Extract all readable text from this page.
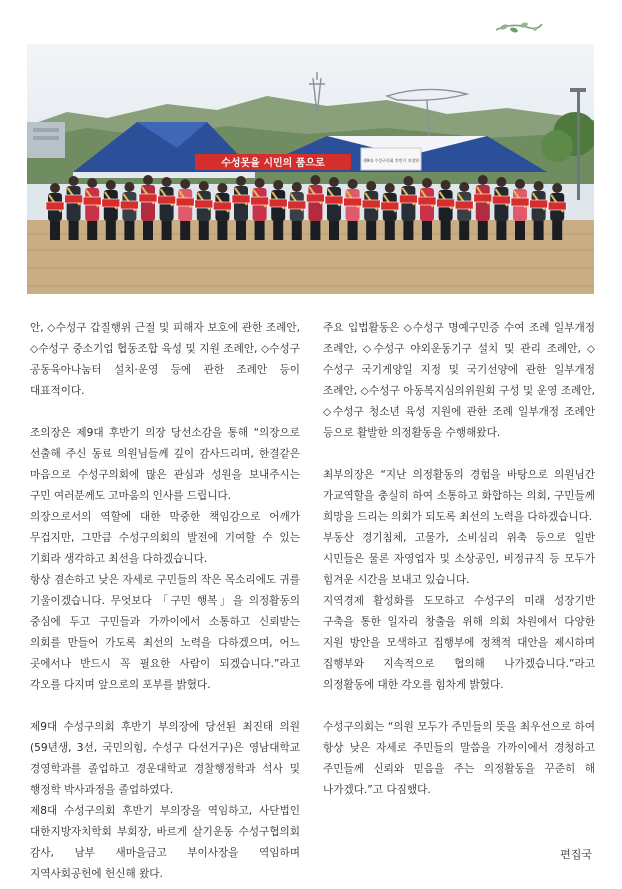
수성못을 시민의 품으로	제9대 수성구의회 후반기 의장단

안, ◇수성구 갑질행위 근절 및 피해자 보호에 관한 조례안, ◇수성구 중소기업 협동조합 육성 및 지원 조례안, ◇수성구 공동육아나눔터 설치·운영 등에 관한 조례안 등이 대표적이다.

조의장은 제9대 후반기 의장 당선소감을 통해 “의장으로 선출해 주신 동료 의원님들께 깊이 감사드리며, 한결같은 마음으로 수성구의회에 많은 관심과 성원을 보내주시는 구민 여러분께도 고마움의 인사를 드립니다.

의장으로서의 역할에 대한 막중한 책임감으로 어깨가 무겁지만, 그만큼 수성구의회의 발전에 기여할 수 있는 기회라 생각하고 최선을 다하겠습니다.

항상 겸손하고 낮은 자세로 구민들의 작은 목소리에도 귀를 기울이겠습니다. 무엇보다 「구민 행복」을 의정활동의 중심에 두고 구민들과 가까이에서 소통하고 신뢰받는 의회를 만들어 가도록 최선의 노력을 다하겠으며, 어느 곳에서나 반드시 꼭 필요한 사람이 되겠습니다.”라고 각오를 다지며 앞으로의 포부를 밝혔다.

제9대 수성구의회 후반기 부의장에 당선된 최진태 의원(59년생, 3선, 국민의힘, 수성구 다선거구)은 영남대학교 경영학과를 졸업하고 경운대학교 경찰행정학과 석사 및 행정학 박사과정을 졸업하였다.

제8대 수성구의회 후반기 부의장을 역임하고, 사단법인 대한지방자치학회 부회장, 바르게 살기운동 수성구협의회 감사, 남부 새마을금고 부이사장을 역임하며 지역사회공헌에 헌신해 왔다.

주요 입법활동은 ◇수성구 명예구민증 수여 조례 일부개정 조례안, ◇수성구 야외운동기구 설치 및 관리 조례안, ◇수성구 국기게양일 지정 및 국기선양에 관한 일부개정 조례안, ◇수성구 아동복지심의위원회 구성 및 운영 조례안, ◇수성구 청소년 육성 지원에 관한 조례 일부개정 조례안 등으로 활발한 의정활동을 수행해왔다.

최부의장은 “지난 의정활동의 경험을 바탕으로 의원님간 가교역할을 충실히 하여 소통하고 화합하는 의회, 구민들께 희망을 드리는 의회가 되도록 최선의 노력을 다하겠습니다.

부동산 경기침체, 고물가, 소비심리 위축 등으로 일반 시민들은 물론 자영업자 및 소상공인, 비정규직 등 모두가 힘겨운 시간을 보내고 있습니다.

지역경제 활성화를 도모하고 수성구의 미래 성장기반 구축을 통한 일자리 창출을 위해 의회 차원에서 다양한 지원 방안을 모색하고 집행부에 정책적 대안을 제시하며 집행부와 지속적으로 협의해 나가겠습니다.”라고 의정활동에 대한 각오를 힘차게 밝혔다.

수성구의회는 “의원 모두가 주민들의 뜻을 최우선으로 하여 항상 낮은 자세로 주민들의 말씀을 가까이에서 경청하고 주민들께 신뢰와 믿음을 주는 의정활동을 꾸준히 해 나가겠다.”고 다짐했다.

편집국
